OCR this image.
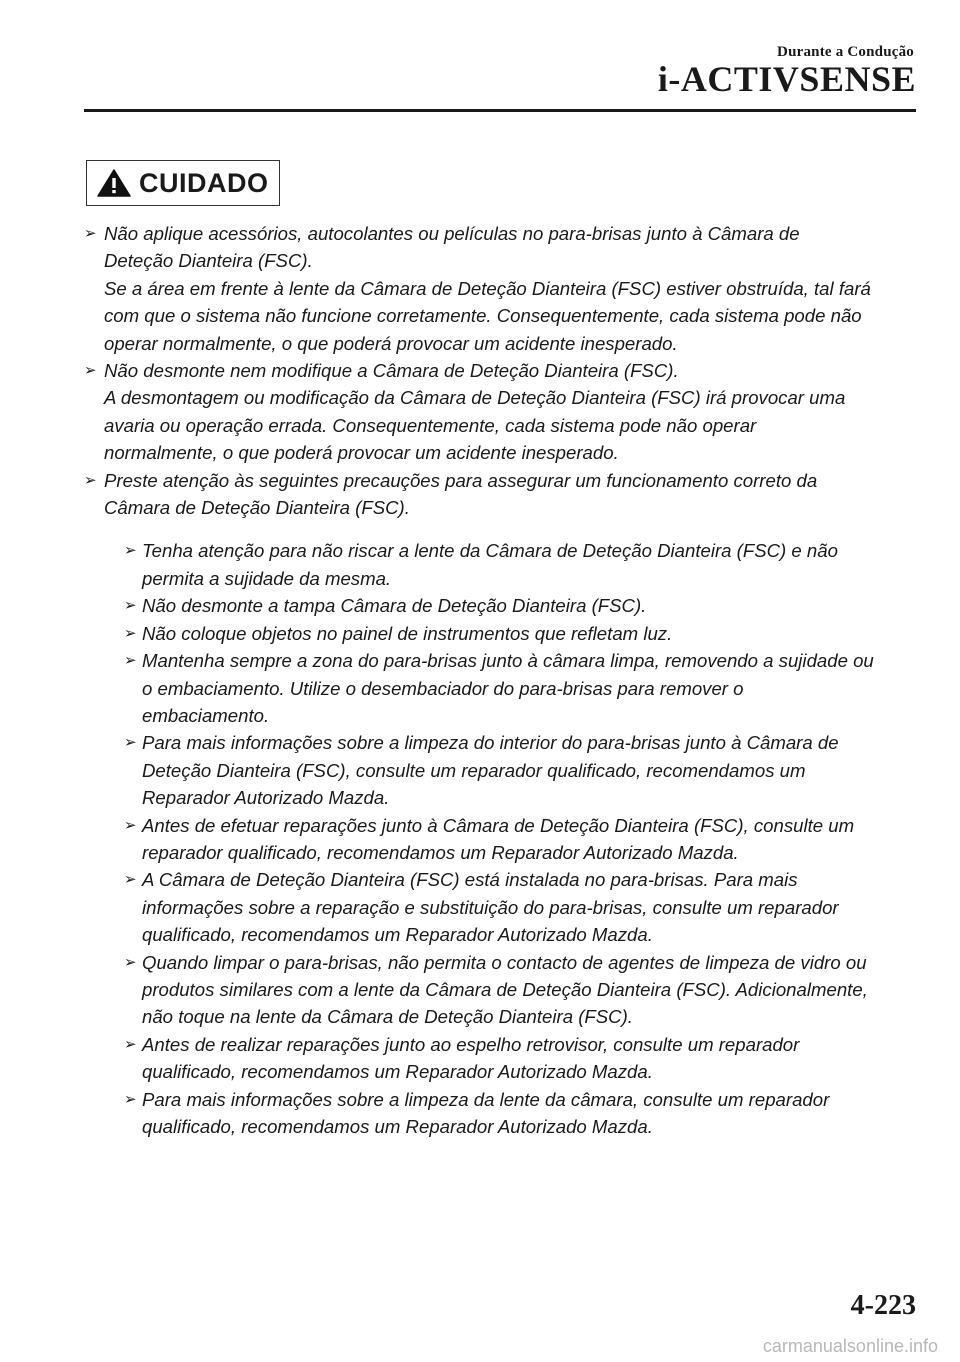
Durante a Condução
i-ACTIVSENSE
CUIDADO
➢ Não aplique acessórios, autocolantes ou películas no para-brisas junto à Câmara de
Deteção Dianteira (FSC).
Se a área em frente à lente da Câmara de Deteção Dianteira (FSC) estiver obstruída, tal fará
com que o sistema não funcione corretamente. Consequentemente, cada sistema pode não
operar normalmente, o que poderá provocar um acidente inesperado.
➢ Não desmonte nem modifique a Câmara de Deteção Dianteira (FSC).
A desmontagem ou modificação da Câmara de Deteção Dianteira (FSC) irá provocar uma
avaria ou operação errada. Consequentemente, cada sistema pode não operar
normalmente, o que poderá provocar um acidente inesperado.
➢ Preste atenção às seguintes precauções para assegurar um funcionamento correto da
Câmara de Deteção Dianteira (FSC).
➢ Tenha atenção para não riscar a lente da Câmara de Deteção Dianteira (FSC) e não
permita a sujidade da mesma.
➢ Não desmonte a tampa Câmara de Deteção Dianteira (FSC).
➢ Não coloque objetos no painel de instrumentos que refletam luz.
➢ Mantenha sempre a zona do para-brisas junto à câmara limpa, removendo a sujidade ou
o embaciamento. Utilize o desembaciador do para-brisas para remover o
embaciamento.
➢ Para mais informações sobre a limpeza do interior do para-brisas junto à Câmara de
Deteção Dianteira (FSC), consulte um reparador qualificado, recomendamos um
Reparador Autorizado Mazda.
➢ Antes de efetuar reparações junto à Câmara de Deteção Dianteira (FSC), consulte um
reparador qualificado, recomendamos um Reparador Autorizado Mazda.
➢ A Câmara de Deteção Dianteira (FSC) está instalada no para-brisas. Para mais
informações sobre a reparação e substituição do para-brisas, consulte um reparador
qualificado, recomendamos um Reparador Autorizado Mazda.
➢ Quando limpar o para-brisas, não permita o contacto de agentes de limpeza de vidro ou
produtos similares com a lente da Câmara de Deteção Dianteira (FSC). Adicionalmente,
não toque na lente da Câmara de Deteção Dianteira (FSC).
➢ Antes de realizar reparações junto ao espelho retrovisor, consulte um reparador
qualificado, recomendamos um Reparador Autorizado Mazda.
➢ Para mais informações sobre a limpeza da lente da câmara, consulte um reparador
qualificado, recomendamos um Reparador Autorizado Mazda.
4-223
carmanualsonline.info
